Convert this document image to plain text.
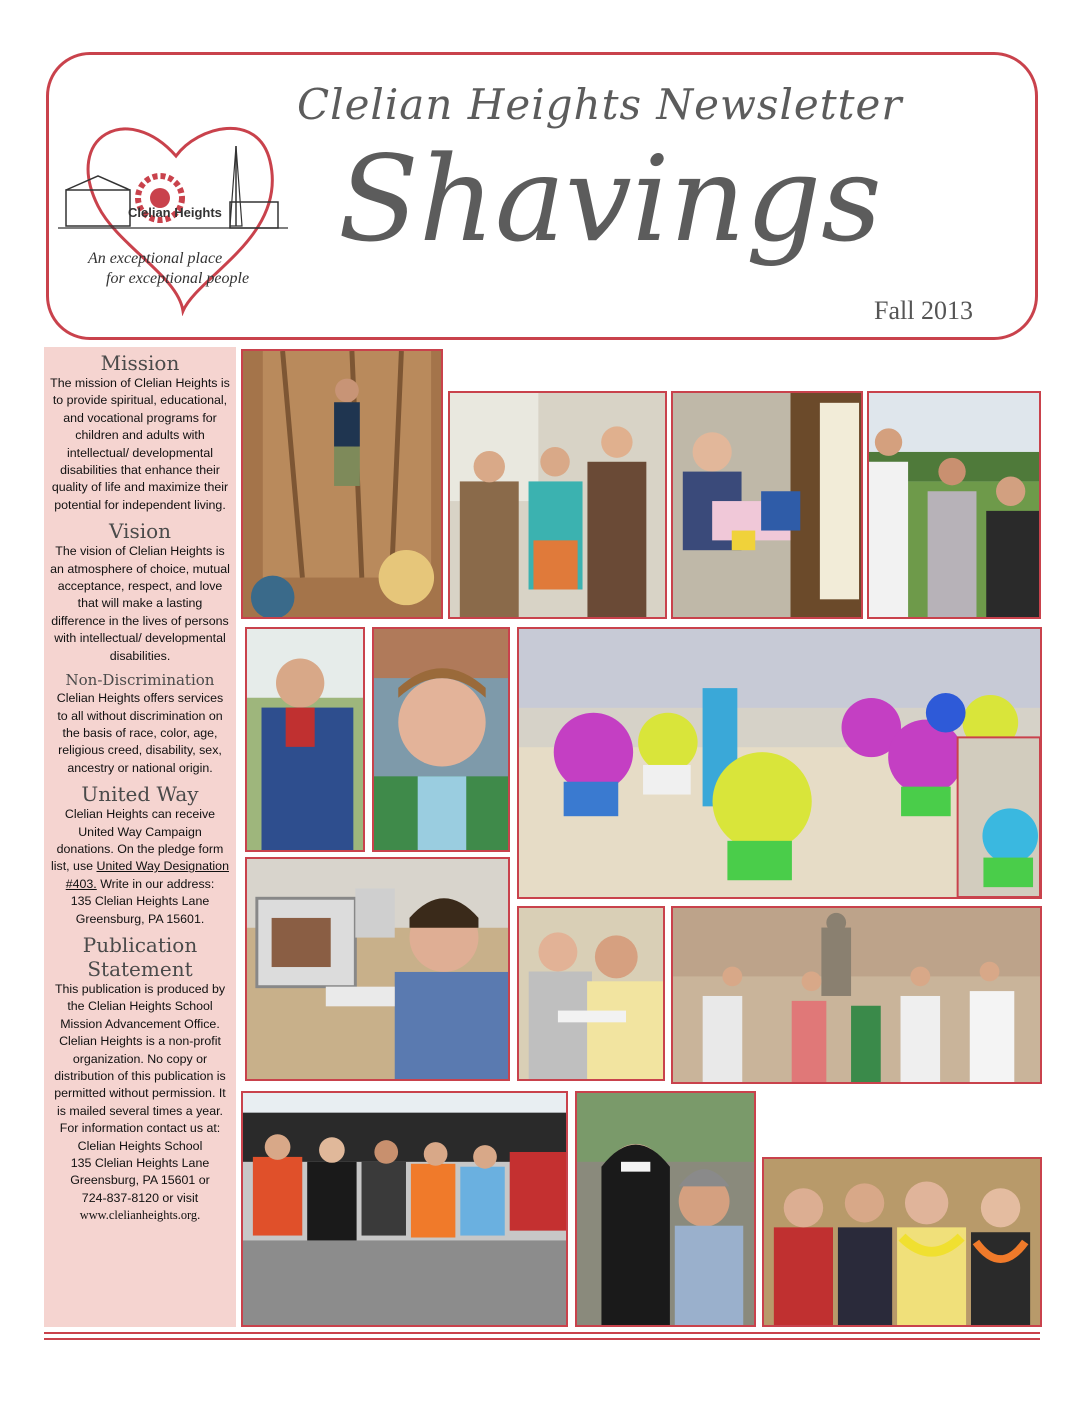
Clelian Heights
An exceptional place
for exceptional people
Clelian Heights Newsletter
Shavings
Fall 2013
Mission

The mission of Clelian Heights is to provide spiritual, educational, and vocational programs for children and adults with intellectual/ developmental disabilities that enhance their quality of life and maximize their potential for independent living.

Vision

The vision of Clelian Heights is an atmosphere of choice, mutual acceptance, respect, and love that will make a lasting difference in the lives of persons with intellectual/ developmental disabilities.

Non-Discrimination

Clelian Heights offers services to all without discrimination on the basis of race, color, age, religious creed, disability, sex, ancestry or national origin.

United Way

Clelian Heights can receive United Way Campaign donations. On the pledge form list, use United Way Designation #403. Write in our address:
135 Clelian Heights Lane
Greensburg, PA 15601.

Publication
Statement

This publication is produced by the Clelian Heights School Mission Advancement Office. Clelian Heights is a non-profit organization. No copy or distribution of this publication is permitted without permission. It is mailed several times a year. For information contact us at: Clelian Heights School
135 Clelian Heights Lane
Greensburg, PA 15601 or
724-837-8120 or visit
www.clelianheights.org.
